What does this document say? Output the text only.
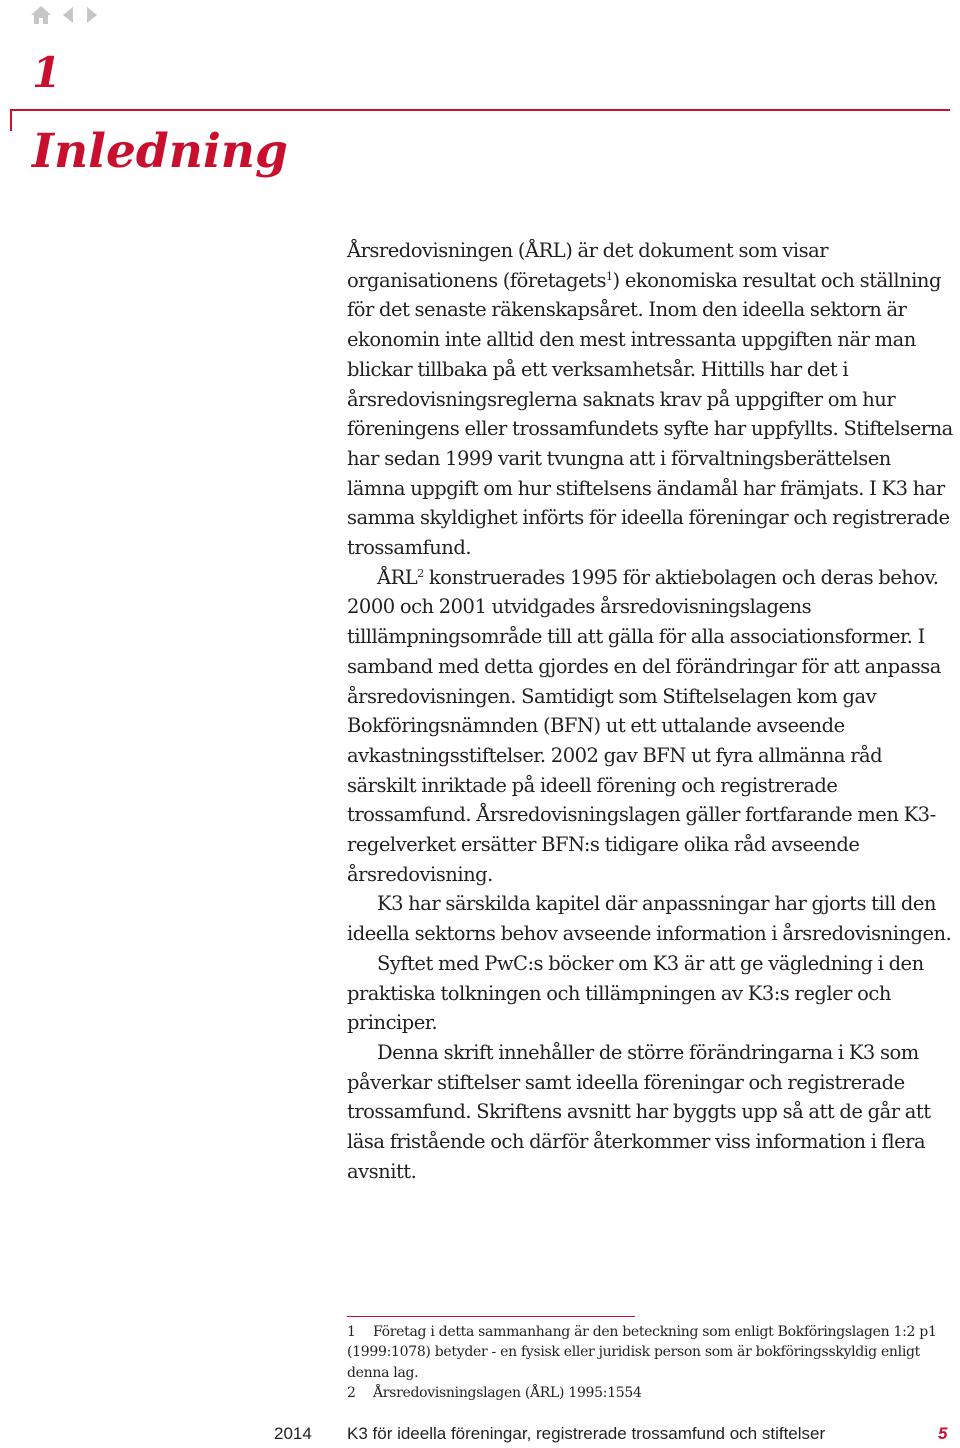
1
Inledning

Årsredovisningen (ÅRL) är det dokument som visar organisationens (företagets$^1$) ekonomiska resultat och ställning för det senaste räkenskapsåret. Inom den ideella sektorn är ekonomin inte alltid den mest intressanta uppgiften när man blickar tillbaka på ett verksamhetsår. Hittills har det i årsredovisningsreglerna saknats krav på uppgifter om hur föreningens eller trossamfundets syfte har uppfyllts. Stiftelserna har sedan 1999 varit tvungna att i förvaltningsberättelsen lämna uppgift om hur stiftelsens ändamål har främjats. I K3 har samma skyldighet införts för ideella föreningar och registrerade trossamfund.

ÅRL$^2$ konstruerades 1995 för aktiebolagen och deras behov. 2000 och 2001 utvidgades årsredovisningslagens tilllämpningsområde till att gälla för alla associationsformer. I samband med detta gjordes en del förändringar för att anpassa årsredovisningen. Samtidigt som Stiftelselagen kom gav Bokföringsnämnden (BFN) ut ett uttalande avseende avkastningsstiftelser. 2002 gav BFN ut fyra allmänna råd särskilt inriktade på ideell förening och registrerade trossamfund. Årsredovisningslagen gäller fortfarande men K3-regelverket ersätter BFN:s tidigare olika råd avseende årsredovisning.

K3 har särskilda kapitel där anpassningar har gjorts till den ideella sektorns behov avseende information i årsredovisningen.

Syftet med PwC:s böcker om K3 är att ge vägledning i den praktiska tolkningen och tillämpningen av K3:s regler och principer.

Denna skrift innehåller de större förändringarna i K3 som påverkar stiftelser samt ideella föreningar och registrerade trossamfund. Skriftens avsnitt har byggts upp så att de går att läsa fristående och därför återkommer viss information i flera avsnitt.

1 Företag i detta sammanhang är den beteckning som enligt Bokföringslagen 1:2 p1 (1999:1078) betyder - en fysisk eller juridisk person som är bokföringsskyldig enligt denna lag.

2 Årsredovisningslagen (ÅRL) 1995:1554

2014 K3 för ideella föreningar, registrerade trossamfund och stiftelser	5
